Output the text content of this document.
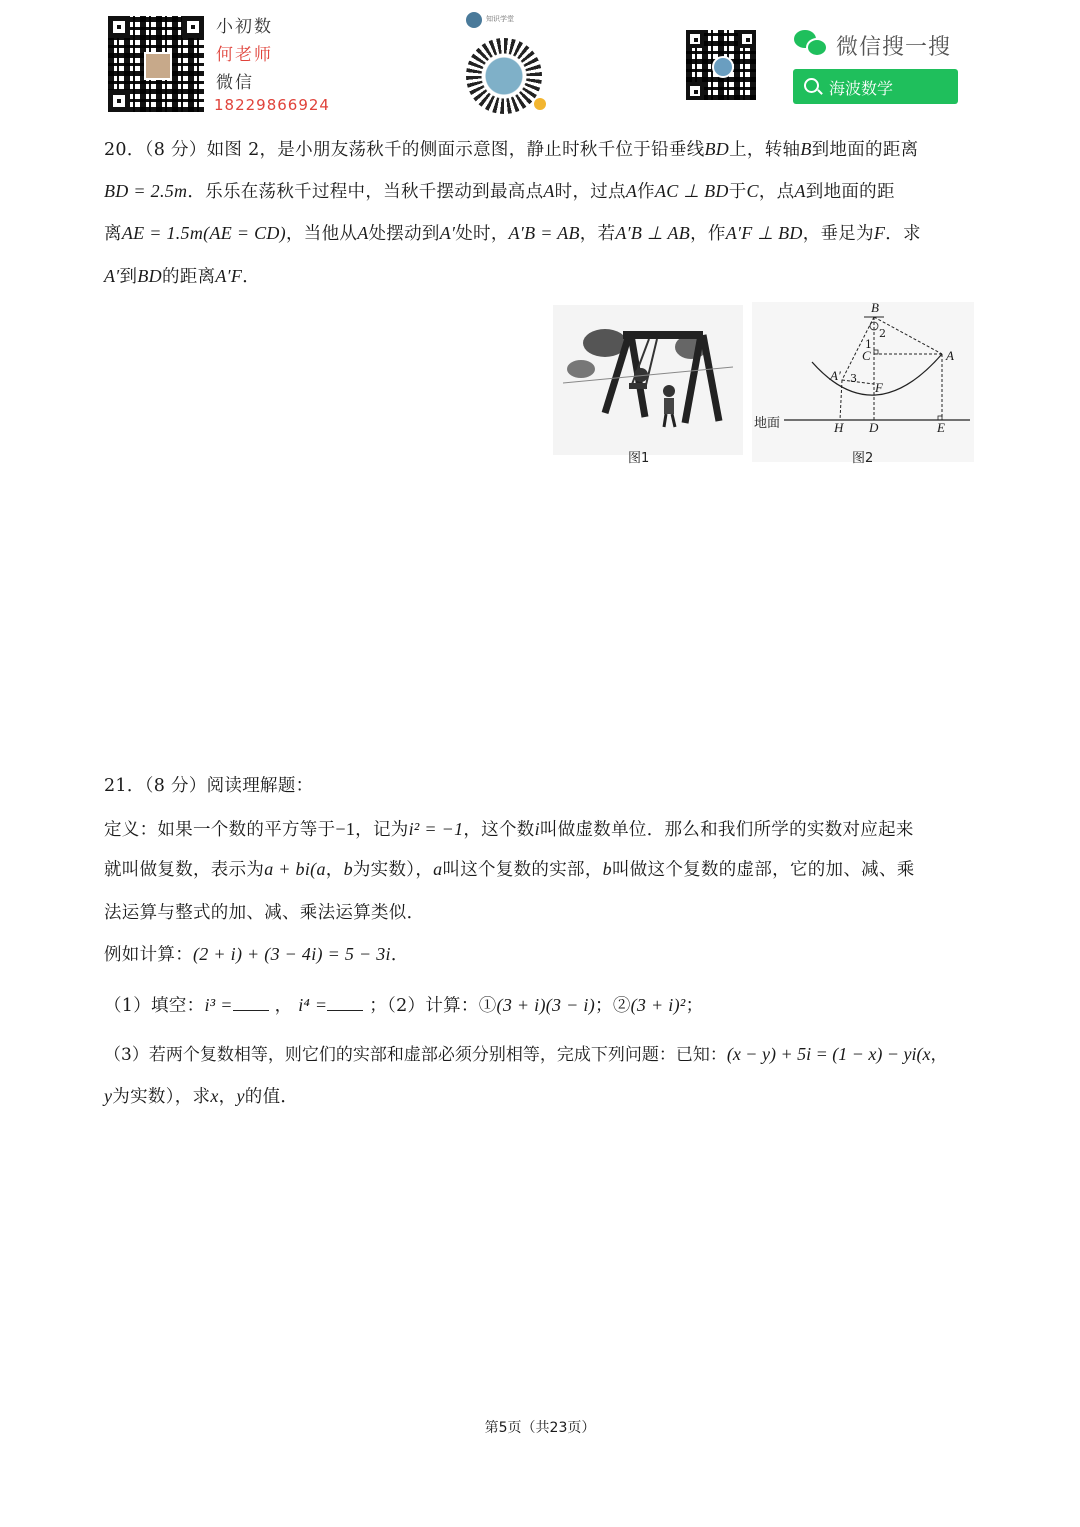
小初数
何老师
微信
18229866924
知识学堂
微信搜一搜
海波数学
20．（8 分）如图 2，是小朋友荡秋千的侧面示意图，静止时秋千位于铅垂线BD上，转轴B到地面的距离
BD = 2.5m．乐乐在荡秋千过程中，当秋千摆动到最高点A时，过点A作AC ⊥ BD于C，点A到地面的距
离AE = 1.5m(AE = CD)，当他从A处摆动到A′处时，A′B = AB，若A′B ⊥ AB，作A′F ⊥ BD，垂足为F．求
A′到BD的距离A′F．
图1
B
2
1
C	A
A′ 3
F
地面	H D	E
图2
21．（8 分）阅读理解题：
定义：如果一个数的平方等于−1，记为i² = −1，这个数i叫做虚数单位．那么和我们所学的实数对应起来
就叫做复数，表示为a + bi(a，b为实数），a叫这个复数的实部，b叫做这个复数的虚部，它的加、减、乘
法运算与整式的加、减、乘法运算类似．
例如计算：(2 + i) + (3 − 4i) = 5 − 3i．
（1）填空：i³ = ， i⁴ = ；（2）计算：①(3 + i)(3 − i)；②(3 + i)²；
（3）若两个复数相等，则它们的实部和虚部必须分别相等，完成下列问题：已知：(x − y) + 5i = (1 − x) − yi(x，
y为实数），求x，y的值．
第5页（共23页）
